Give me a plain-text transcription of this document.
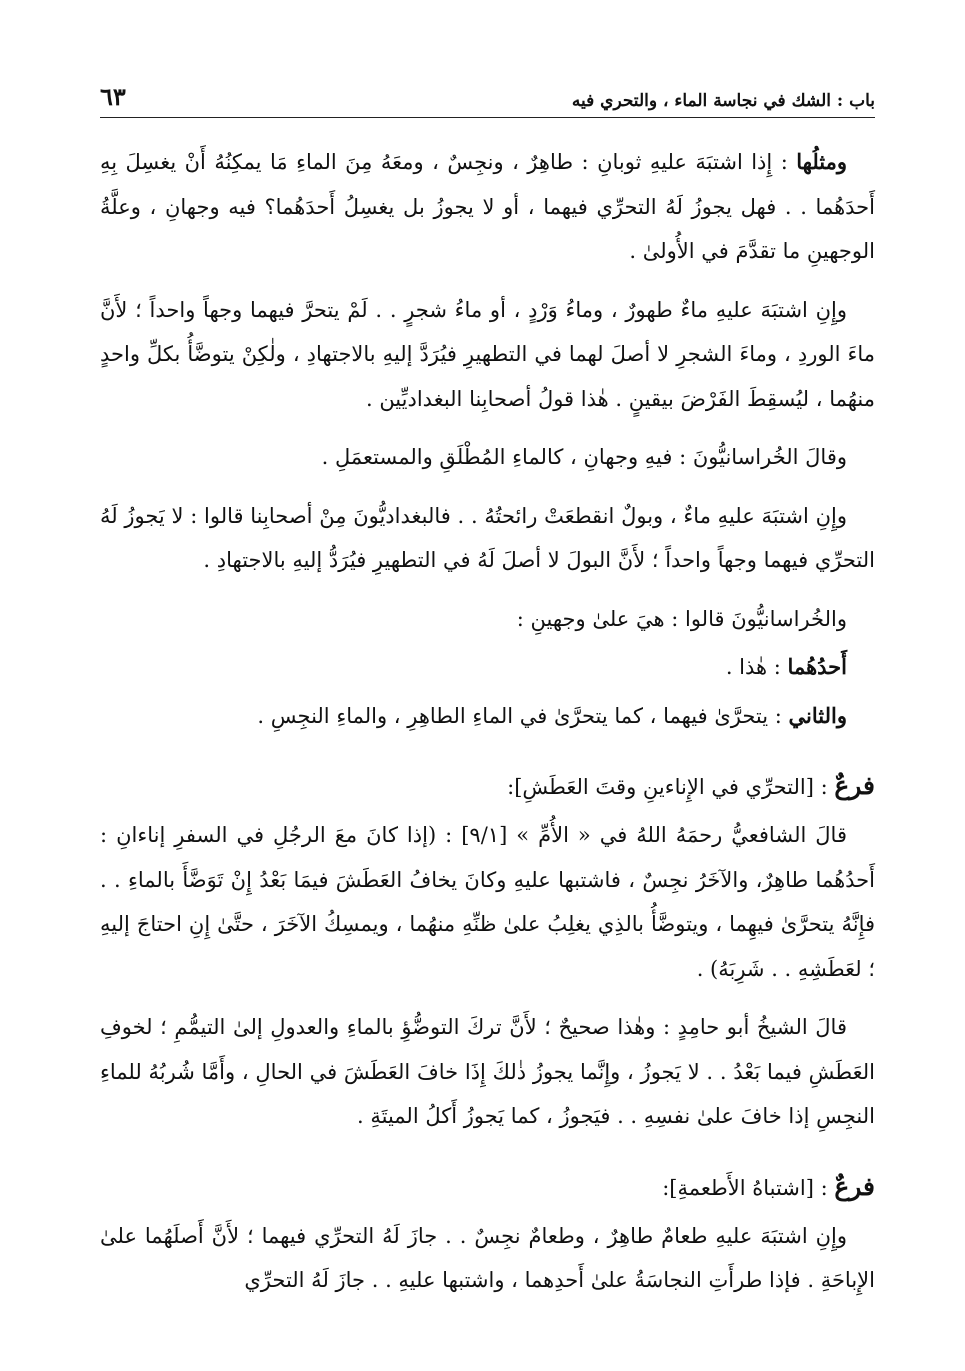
باب : الشك في نجاسة الماء ، والتحري فيه
٦٣

ومثلُها : إِذا اشتبَهَ عليهِ ثوبانِ : طاهِرٌ ، ونجِسٌ ، ومعَهُ مِنَ الماءِ مَا يمكِنُهُ أَنْ يغسِلَ بِهِ أَحدَهُما . . فهل يجوزُ لَهُ التحرِّي فيهما ، أو لا يجوزُ بل يغسِلُ أَحدَهُما؟ فيه وجهانِ ، وعلَّةُ الوجهينِ ما تقدَّمَ في الأُولىٰ .

وإِنِ اشتبَهَ عليهِ ماءٌ طهورٌ ، وماءُ وَرْدٍ ، أو ماءُ شجرٍ . . لَمْ يتحرَّ فيهما وجهاً واحداً ؛ لأَنَّ ماءَ الوردِ ، وماءَ الشجرِ لا أصلَ لهما في التطهيرِ فيُرَدَّ إليهِ بالاجتهادِ ، ولٰكِنْ يتوضَّأُ بكلِّ واحدٍ منهُما ، ليُسقِطَ الفَرْضَ بيقينٍ . هٰذا قولُ أصحابِنا البغداديِّين .

وقالَ الخُراسانيُّونَ : فيهِ وجهانِ ، كالماءِ المُطْلَقِ والمستعمَلِ .

وإِنِ اشتبَهَ عليهِ ماءٌ ، وبولٌ انقطعَتْ رائحتُهُ . . فالبغداديُّونَ مِنْ أصحابِنا قالوا : لا يَجوزُ لَهُ التحرِّي فيهما وجهاً واحداً ؛ لأَنَّ البولَ لا أصلَ لَهُ في التطهيرِ فيُرَدُّ إليهِ بالاجتهادِ .

والخُراسانيُّونَ قالوا : هيَ علىٰ وجهينِ :

أَحدُهُما : هٰذا .

والثاني : يتحرَّىٰ فيهما ، كما يتحرَّىٰ في الماءِ الطاهِرِ ، والماءِ النجِسِ .

فرعٌ : [التحرِّي في الإِناءينِ وقتَ العَطَشِ]:

قالَ الشافعيُّ رحمَهُ اللهُ في « الأُمِّ » [٩/١] : (إذا كانَ معَ الرجُلِ في السفرِ إناءانِ : أَحدُهُما طاهِرٌ، والآخَرُ نجِسٌ ، فاشتبها عليهِ وكانَ يخافُ العَطَشَ فيمَا بَعْدُ إِنْ تَوَضَّأَ بالماءِ . . فإِنَّهُ يتحرَّىٰ فيهِما ، ويتوضَّأُ بالذِي يغلِبُ علىٰ ظنِّهِ منهُما ، ويمسِكُ الآخَرَ ، حتَّىٰ إِنِ احتاجَ إليهِ ؛ لعَطَشِهِ . . شَرِبَهُ) .

قالَ الشيخُ أبو حامِدٍ : وهٰذا صحيحٌ ؛ لأَنَّ تركَ التوضُّؤِ بالماءِ والعدولِ إلىٰ التيمُّمِ ؛ لخوفِ العَطَشِ فيما بَعْدُ . . لا يَجوزُ ، وإِنَّما يجوزُ ذٰلكَ إِذَا خافَ العَطَشَ في الحالِ ، وأَمَّا شُربُهُ للماءِ النجِسِ إذا خافَ علىٰ نفسِهِ . . فيَجوزُ ، كما يَجوزُ أَكلُ الميتَةِ .

فرعٌ : [اشتباهُ الأَطعمةِ]:

وإِنِ اشتبَهَ عليهِ طعامٌ طاهِرٌ ، وطعامٌ نجِسٌ . . جازَ لَهُ التحرِّي فيهما ؛ لأَنَّ أَصلَهُما علىٰ الإِباحَةِ . فإذا طرأَتِ النجاسَةُ علىٰ أَحدِهما ، واشتبها عليهِ . . جازَ لَهُ التحرِّي
